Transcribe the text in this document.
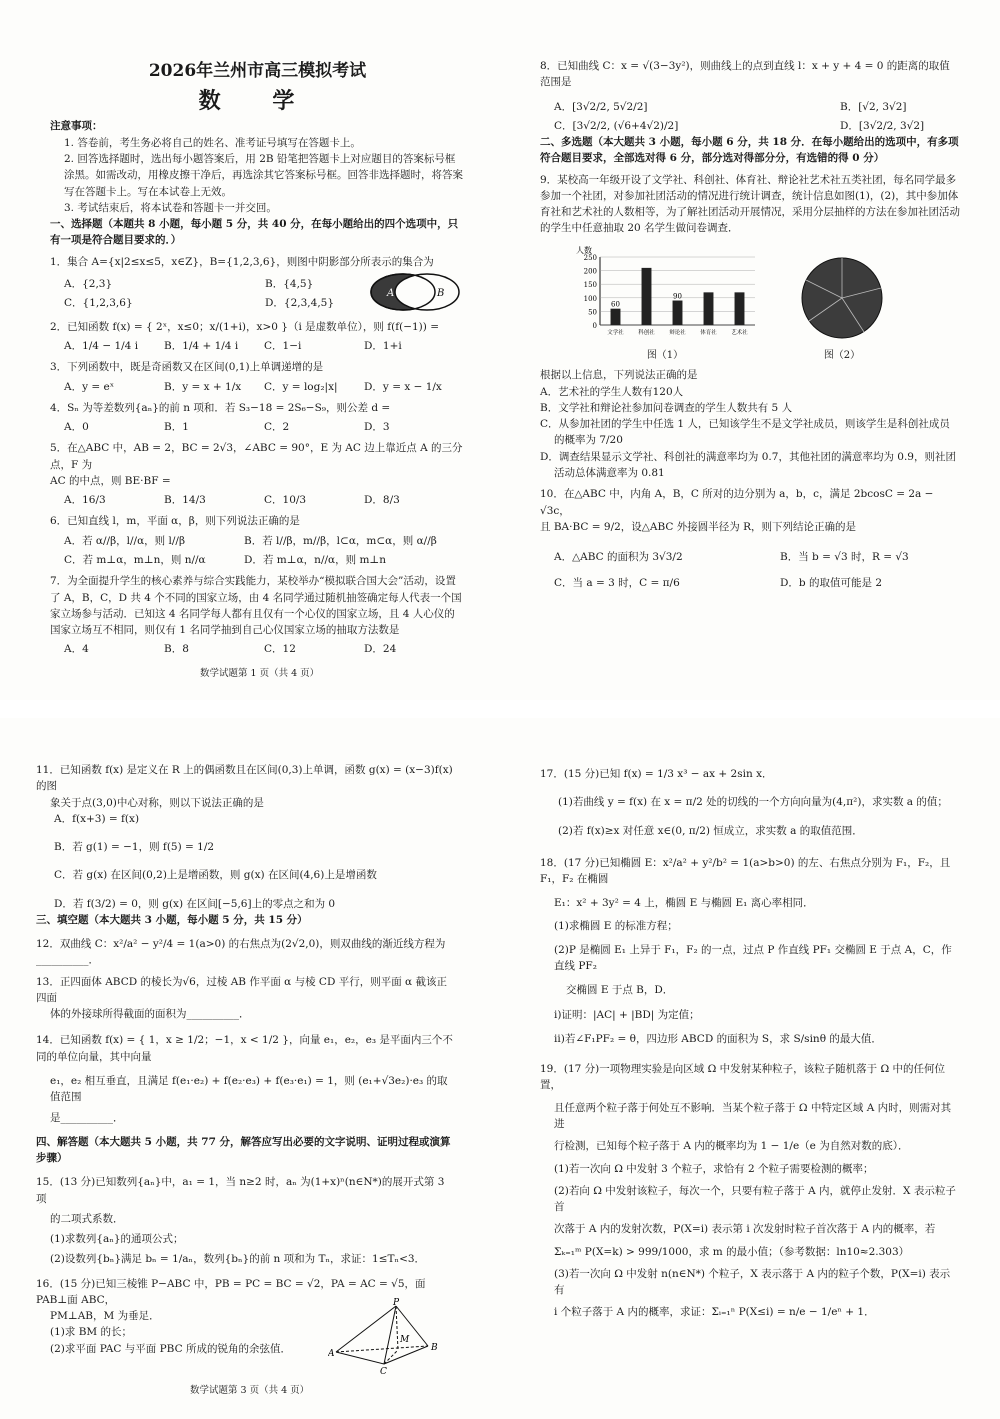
2026年兰州市高三模拟考试

数 学

注意事项：

1. 答卷前，考生务必将自己的姓名、准考证号填写在答题卡上。

2. 回答选择题时，选出每小题答案后，用 2B 铅笔把答题卡上对应题目的答案标号框涂黑。如需改动，用橡皮擦干净后，再选涂其它答案标号框。回答非选择题时，将答案写在答题卡上。写在本试卷上无效。

3. 考试结束后，将本试卷和答题卡一并交回。

一、选择题（本题共 8 小题，每小题 5 分，共 40 分，在每小题给出的四个选项中，只有一项是符合题目要求的．）

1．集合 A={x|2≤x≤5，x∈Z}，B={1,2,3,6}，则图中阴影部分所表示的集合为

A．{2,3}	B．{4,5}
C．{1,2,3,6}	D．{2,3,4,5}
A	B

2．已知函数 f(x) = { 2ˣ，x≤0；x/(1+i)，x>0 }（i 是虚数单位），则 f(f(−1)) =

A．1/4 − 1/4 i	B．1/4 + 1/4 i	C．1−i	D．1+i

3．下列函数中，既是奇函数又在区间(0,1)上单调递增的是

A．y = eˣ	B．y = x + 1/x	C．y = log₂|x|	D．y = x − 1/x

4．Sₙ 为等差数列{aₙ}的前 n 项和．若 S₃−18 = 2S₆−S₉，则公差 d =

A．0	B．1	C．2	D．3

5．在△ABC 中，AB = 2，BC = 2√3，∠ABC = 90°，E 为 AC 边上靠近点 A 的三分点，F 为

AC 的中点，则 BE·BF =

A．16/3	B．14/3	C．10/3	D．8/3

6．已知直线 l，m，平面 α，β，则下列说法正确的是

A．若 α//β，l//α，则 l//β	B．若 l//β，m//β，l⊂α，m⊂α，则 α//β
C．若 m⊥α，m⊥n，则 n//α	D．若 m⊥α，n//α，则 m⊥n

7．为全面提升学生的核心素养与综合实践能力，某校举办“模拟联合国大会”活动，设置了 A，B，C，D 共 4 个不同的国家立场，由 4 名同学通过随机抽签确定每人代表一个国家立场参与活动．已知这 4 名同学每人都有且仅有一个心仪的国家立场，且 4 人心仪的国家立场互不相同，则仅有 1 名同学抽到自己心仪国家立场的抽取方法数是

A．4	B．8	C．12	D．24
数学试题第 1 页（共 4 页）

8．已知曲线 C：x = √(3−3y²)，则曲线上的点到直线 l：x + y + 4 = 0 的距离的取值范围是

A．[3√2/2, 5√2/2]	B．[√2, 3√2]
C．[3√2/2, (√6+4√2)/2]	D．[3√2/2, 3√2]

二、多选题（本大题共 3 小题，每小题 6 分，共 18 分．在每小题给出的选项中，有多项符合题目要求，全部选对得 6 分，部分选对得部分分，有选错的得 0 分）

9．某校高一年级开设了文学社、科创社、体育社、辩论社艺术社五类社团，每名同学最多参加一个社团，对参加社团活动的情况进行统计调查，统计信息如图(1)，(2)，其中参加体育社和艺术社的人数相等，为了解社团活动开展情况，采用分层抽样的方法在参加社团活动的学生中任意抽取 20 名学生做问卷调查．

人数
0
50
100
150
200
250
文学社
60
科创社	辩论社
90
体育社	艺术社
图（1）	图（2）

根据以上信息，下列说法正确的是

A．艺术社的学生人数有120人

B．文学社和辩论社参加问卷调查的学生人数共有 5 人

C．从参加社团的学生中任选 1 人，已知该学生不是文学社成员，则该学生是科创社成员

的概率为 7/20

D．调查结果显示文学社、科创社的满意率均为 0.7，其他社团的满意率均为 0.9，则社团

活动总体满意率为 0.81

10．在△ABC 中，内角 A，B，C 所对的边分别为 a，b，c，满足 2bcosC = 2a − √3c，

且 BA·BC = 9/2，设△ABC 外接圆半径为 R，则下列结论正确的是

A．△ABC 的面积为 3√3/2	B．当 b = √3 时，R = √3
C．当 a = 3 时，C = π/6	D．b 的取值可能是 2

11．已知函数 f(x) 是定义在 R 上的偶函数且在区间(0,3)上单调，函数 g(x) = (x−3)f(x) 的图

象关于点(3,0)中心对称，则以下说法正确的是

A．f(x+3) = f(x)

B．若 g(1) = −1，则 f(5) = 1/2

C．若 g(x) 在区间(0,2)上是增函数，则 g(x) 在区间(4,6)上是增函数

D．若 f(3/2) = 0，则 g(x) 在区间[−5,6]上的零点之和为 0

三、填空题（本大题共 3 小题，每小题 5 分，共 15 分）

12．双曲线 C：x²/a² − y²/4 = 1(a>0) 的右焦点为(2√2,0)，则双曲线的渐近线方程为__________．

13．正四面体 ABCD 的棱长为√6，过棱 AB 作平面 α 与棱 CD 平行，则平面 α 截该正四面

体的外接球所得截面的面积为__________．

14．已知函数 f(x) = { 1，x ≥ 1/2；−1，x < 1/2 }，向量 e₁，e₂，e₃ 是平面内三个不同的单位向量，其中向量

e₁，e₂ 相互垂直，且满足 f(e₁·e₂) + f(e₂·e₃) + f(e₃·e₁) = 1，则 (e₁+√3e₂)·e₃ 的取值范围

是__________．

四、解答题（本大题共 5 小题，共 77 分，解答应写出必要的文字说明、证明过程或演算步骤）

15．(13 分)已知数列{aₙ}中，a₁ = 1，当 n≥2 时，aₙ 为(1+x)ⁿ(n∈N*)的展开式第 3 项

的二项式系数．

(1)求数列{aₙ}的通项公式；

(2)设数列{bₙ}满足 bₙ = 1/aₙ，数列{bₙ}的前 n 项和为 Tₙ，求证：1≤Tₙ<3．

16．(15 分)已知三棱锥 P−ABC 中，PB = PC = BC = √2，PA = AC = √5，面 PAB⊥面 ABC，

PM⊥AB，M 为垂足．

(1)求 BM 的长；

(2)求平面 PAC 与平面 PBC 所成的锐角的余弦值．

P
A
B
C
M
数学试题第 3 页（共 4 页）

17．(15 分)已知 f(x) = 1/3 x³ − ax + 2sin x．

(1)若曲线 y = f(x) 在 x = π/2 处的切线的一个方向向量为(4,π²)，求实数 a 的值；

(2)若 f(x)≥x 对任意 x∈(0, π/2) 恒成立，求实数 a 的取值范围．

18．(17 分)已知椭圆 E：x²/a² + y²/b² = 1(a>b>0) 的左、右焦点分别为 F₁，F₂，且 F₁，F₂ 在椭圆

E₁：x² + 3y² = 4 上，椭圆 E 与椭圆 E₁ 离心率相同．

(1)求椭圆 E 的标准方程；

(2)P 是椭圆 E₁ 上异于 F₁，F₂ 的一点，过点 P 作直线 PF₁ 交椭圆 E 于点 A，C，作直线 PF₂

交椭圆 E 于点 B，D．

ⅰ)证明：|AC| + |BD| 为定值；

ⅱ)若∠F₁PF₂ = θ，四边形 ABCD 的面积为 S，求 S/sinθ 的最大值．

19．(17 分)一项物理实验是向区域 Ω 中发射某种粒子，该粒子随机落于 Ω 中的任何位置，

且任意两个粒子落于何处互不影响．当某个粒子落于 Ω 中特定区域 A 内时，则需对其进

行检测，已知每个粒子落于 A 内的概率均为 1 − 1/e（e 为自然对数的底）．

(1)若一次向 Ω 中发射 3 个粒子，求恰有 2 个粒子需要检测的概率；

(2)若向 Ω 中发射该粒子，每次一个，只要有粒子落于 A 内，就停止发射．X 表示粒子首

次落于 A 内的发射次数，P(X=i) 表示第 i 次发射时粒子首次落于 A 内的概率，若

Σₖ₌₁ᵐ P(X=k) > 999/1000，求 m 的最小值；（参考数据：ln10≈2.303）

(3)若一次向 Ω 中发射 n(n∈N*) 个粒子，X 表示落于 A 内的粒子个数，P(X=i) 表示有

i 个粒子落于 A 内的概率，求证：Σᵢ₌₁ⁿ P(X≤i) = n/e − 1/eⁿ + 1．
